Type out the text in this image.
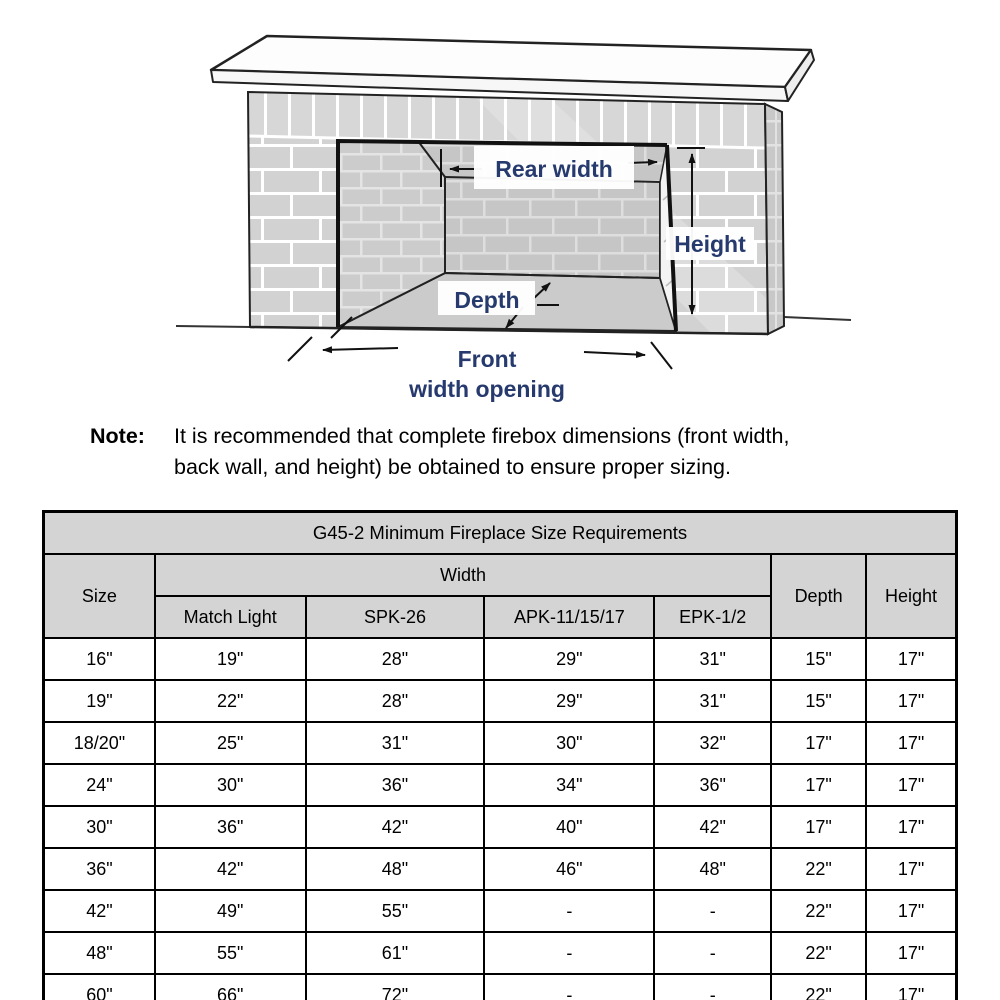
Rear width
Height
Depth
Front
width opening
Note:	It is recommended that complete firebox dimensions (front width,
back wall, and height) be obtained to ensure proper sizing.
G45-2 Minimum Fireplace Size Requirements						
Size	Width				Depth	Height
	Match Light	SPK-26	APK-11/15/17	EPK-1/2		
16"	19"	28"	29"	31"	15"	17"
19"	22"	28"	29"	31"	15"	17"
18/20"	25"	31"	30"	32"	17"	17"
24"	30"	36"	34"	36"	17"	17"
30"	36"	42"	40"	42"	17"	17"
36"	42"	48"	46"	48"	22"	17"
42"	49"	55"	-	-	22"	17"
48"	55"	61"	-	-	22"	17"
60"	66"	72"	-	-	22"	17"
